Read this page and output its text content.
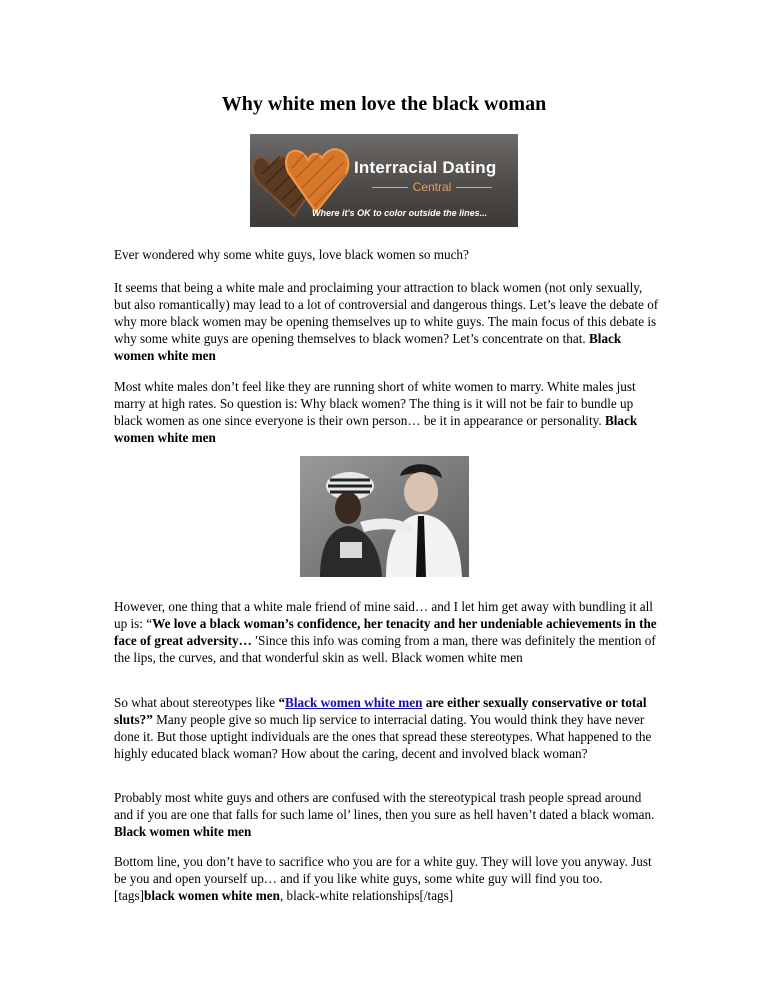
Why white men love the black woman
Interracial Dating
Central
Where it's OK to color outside the lines...

Ever wondered why some white guys, love black women so much?

It seems that being a white male and proclaiming your attraction to black women (not only sexually, but also romantically) may lead to a lot of controversial and dangerous things. Let’s leave the debate of why more black women may be opening themselves up to white guys. The main focus of this debate is why some white guys are opening themselves to black women? Let’s concentrate on that. Black women white men

Most white males don’t feel like they are running short of white women to marry. White males just marry at high rates. So question is: Why black women? The thing is it will not be fair to bundle up black women as one since everyone is their own person… be it in appearance or personality. Black women white men

However, one thing that a white male friend of mine said… and I let him get away with bundling it all up is: “We love a black woman’s confidence, her tenacity and her undeniable achievements in the face of great adversity… ′Since this info was coming from a man, there was definitely the mention of the lips, the curves, and that wonderful skin as well. Black women white men

So what about stereotypes like “Black women white men are either sexually conservative or total sluts?” Many people give so much lip service to interracial dating. You would think they have never done it. But those uptight individuals are the ones that spread these stereotypes. What happened to the highly educated black woman? How about the caring, decent and involved black woman?

Probably most white guys and others are confused with the stereotypical trash people spread around and if you are one that falls for such lame ol’ lines, then you sure as hell haven’t dated a black woman. Black women white men

Bottom line, you don’t have to sacrifice who you are for a white guy. They will love you anyway. Just be you and open yourself up… and if you like white guys, some white guy will find you too. [tags]black women white men, black-white relationships[/tags]
